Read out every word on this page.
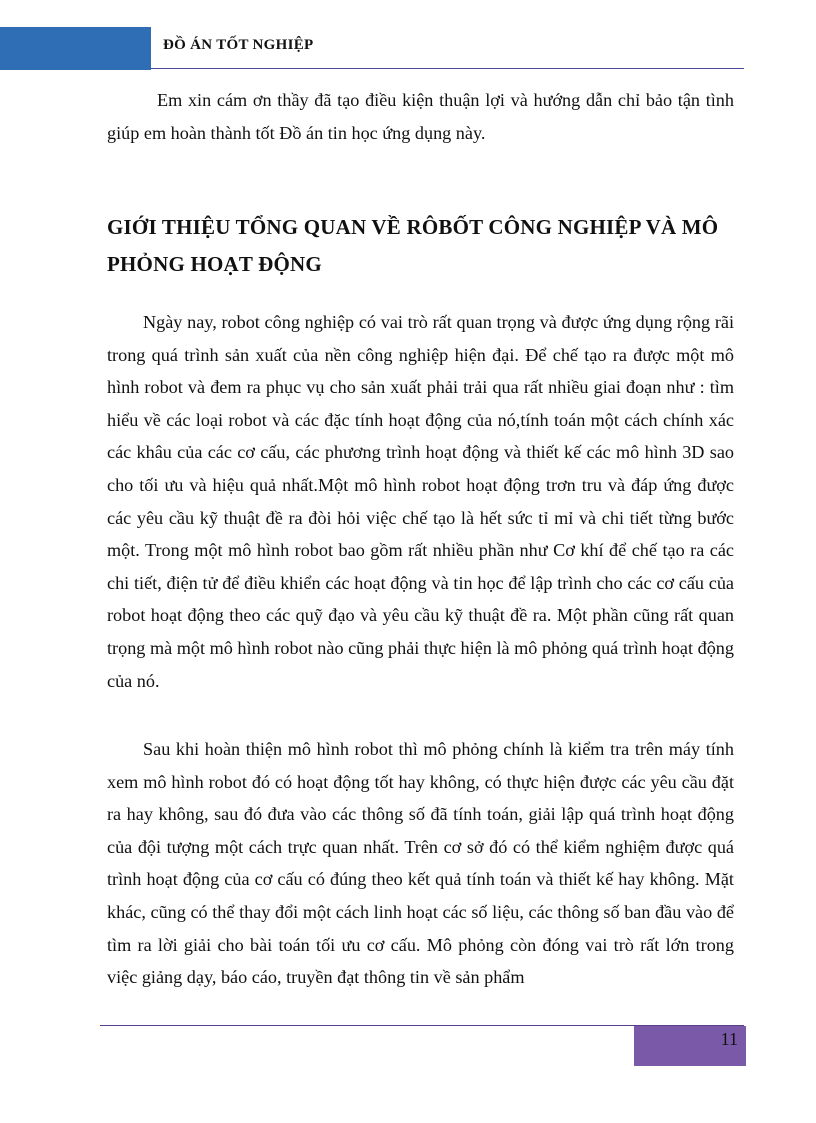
ĐỒ ÁN TỐT NGHIỆP

Em xin cám ơn thầy đã tạo điều kiện thuận lợi và hướng dẫn chỉ bảo tận tình giúp em hoàn thành tốt Đồ án tin học ứng dụng này.

GIỚI THIỆU TỔNG QUAN VỀ RÔBỐT CÔNG NGHIỆP VÀ MÔ PHỎNG HOẠT ĐỘNG

Ngày nay, robot công nghiệp có vai trò rất quan trọng và được ứng dụng rộng rãi trong quá trình sản xuất của nền công nghiệp hiện đại. Để chế tạo ra được một mô hình robot và đem ra phục vụ cho sản xuất phải trải qua rất nhiều giai đoạn như : tìm hiểu về các loại robot và các đặc tính hoạt động của nó,tính toán một cách chính xác các khâu của các cơ cấu, các phương trình hoạt động và thiết kế các mô hình 3D sao cho tối ưu và hiệu quả nhất.Một mô hình robot hoạt động trơn tru và đáp ứng được các yêu cầu kỹ thuật đề ra đòi hỏi việc chế tạo là hết sức tỉ mỉ và chi tiết từng bước một. Trong một mô hình robot bao gồm rất nhiều phần như Cơ khí để chế tạo ra các chi tiết, điện tử để điều khiển các hoạt động và tin học để lập trình cho các cơ cấu của robot hoạt động theo các quỹ đạo và yêu cầu kỹ thuật đề ra. Một phần cũng rất quan trọng mà một mô hình robot nào cũng phải thực hiện là mô phỏng quá trình hoạt động của nó.

Sau khi hoàn thiện mô hình robot thì mô phỏng chính là kiểm tra trên máy tính xem mô hình robot đó có hoạt động tốt hay không, có thực hiện được các yêu cầu đặt ra hay không, sau đó đưa vào các thông số đã tính toán, giải lập quá trình hoạt động của đội tượng một cách trực quan nhất. Trên cơ sở đó có thể kiểm nghiệm được quá trình hoạt động của cơ cấu có đúng theo kết quả tính toán và thiết kế hay không. Mặt khác, cũng có thể thay đổi một cách linh hoạt các số liệu, các thông số ban đầu vào để tìm ra lời giải cho bài toán tối ưu cơ cấu. Mô phỏng còn đóng vai trò rất lớn trong việc giảng dạy, báo cáo, truyền đạt thông tin về sản phẩm

11
